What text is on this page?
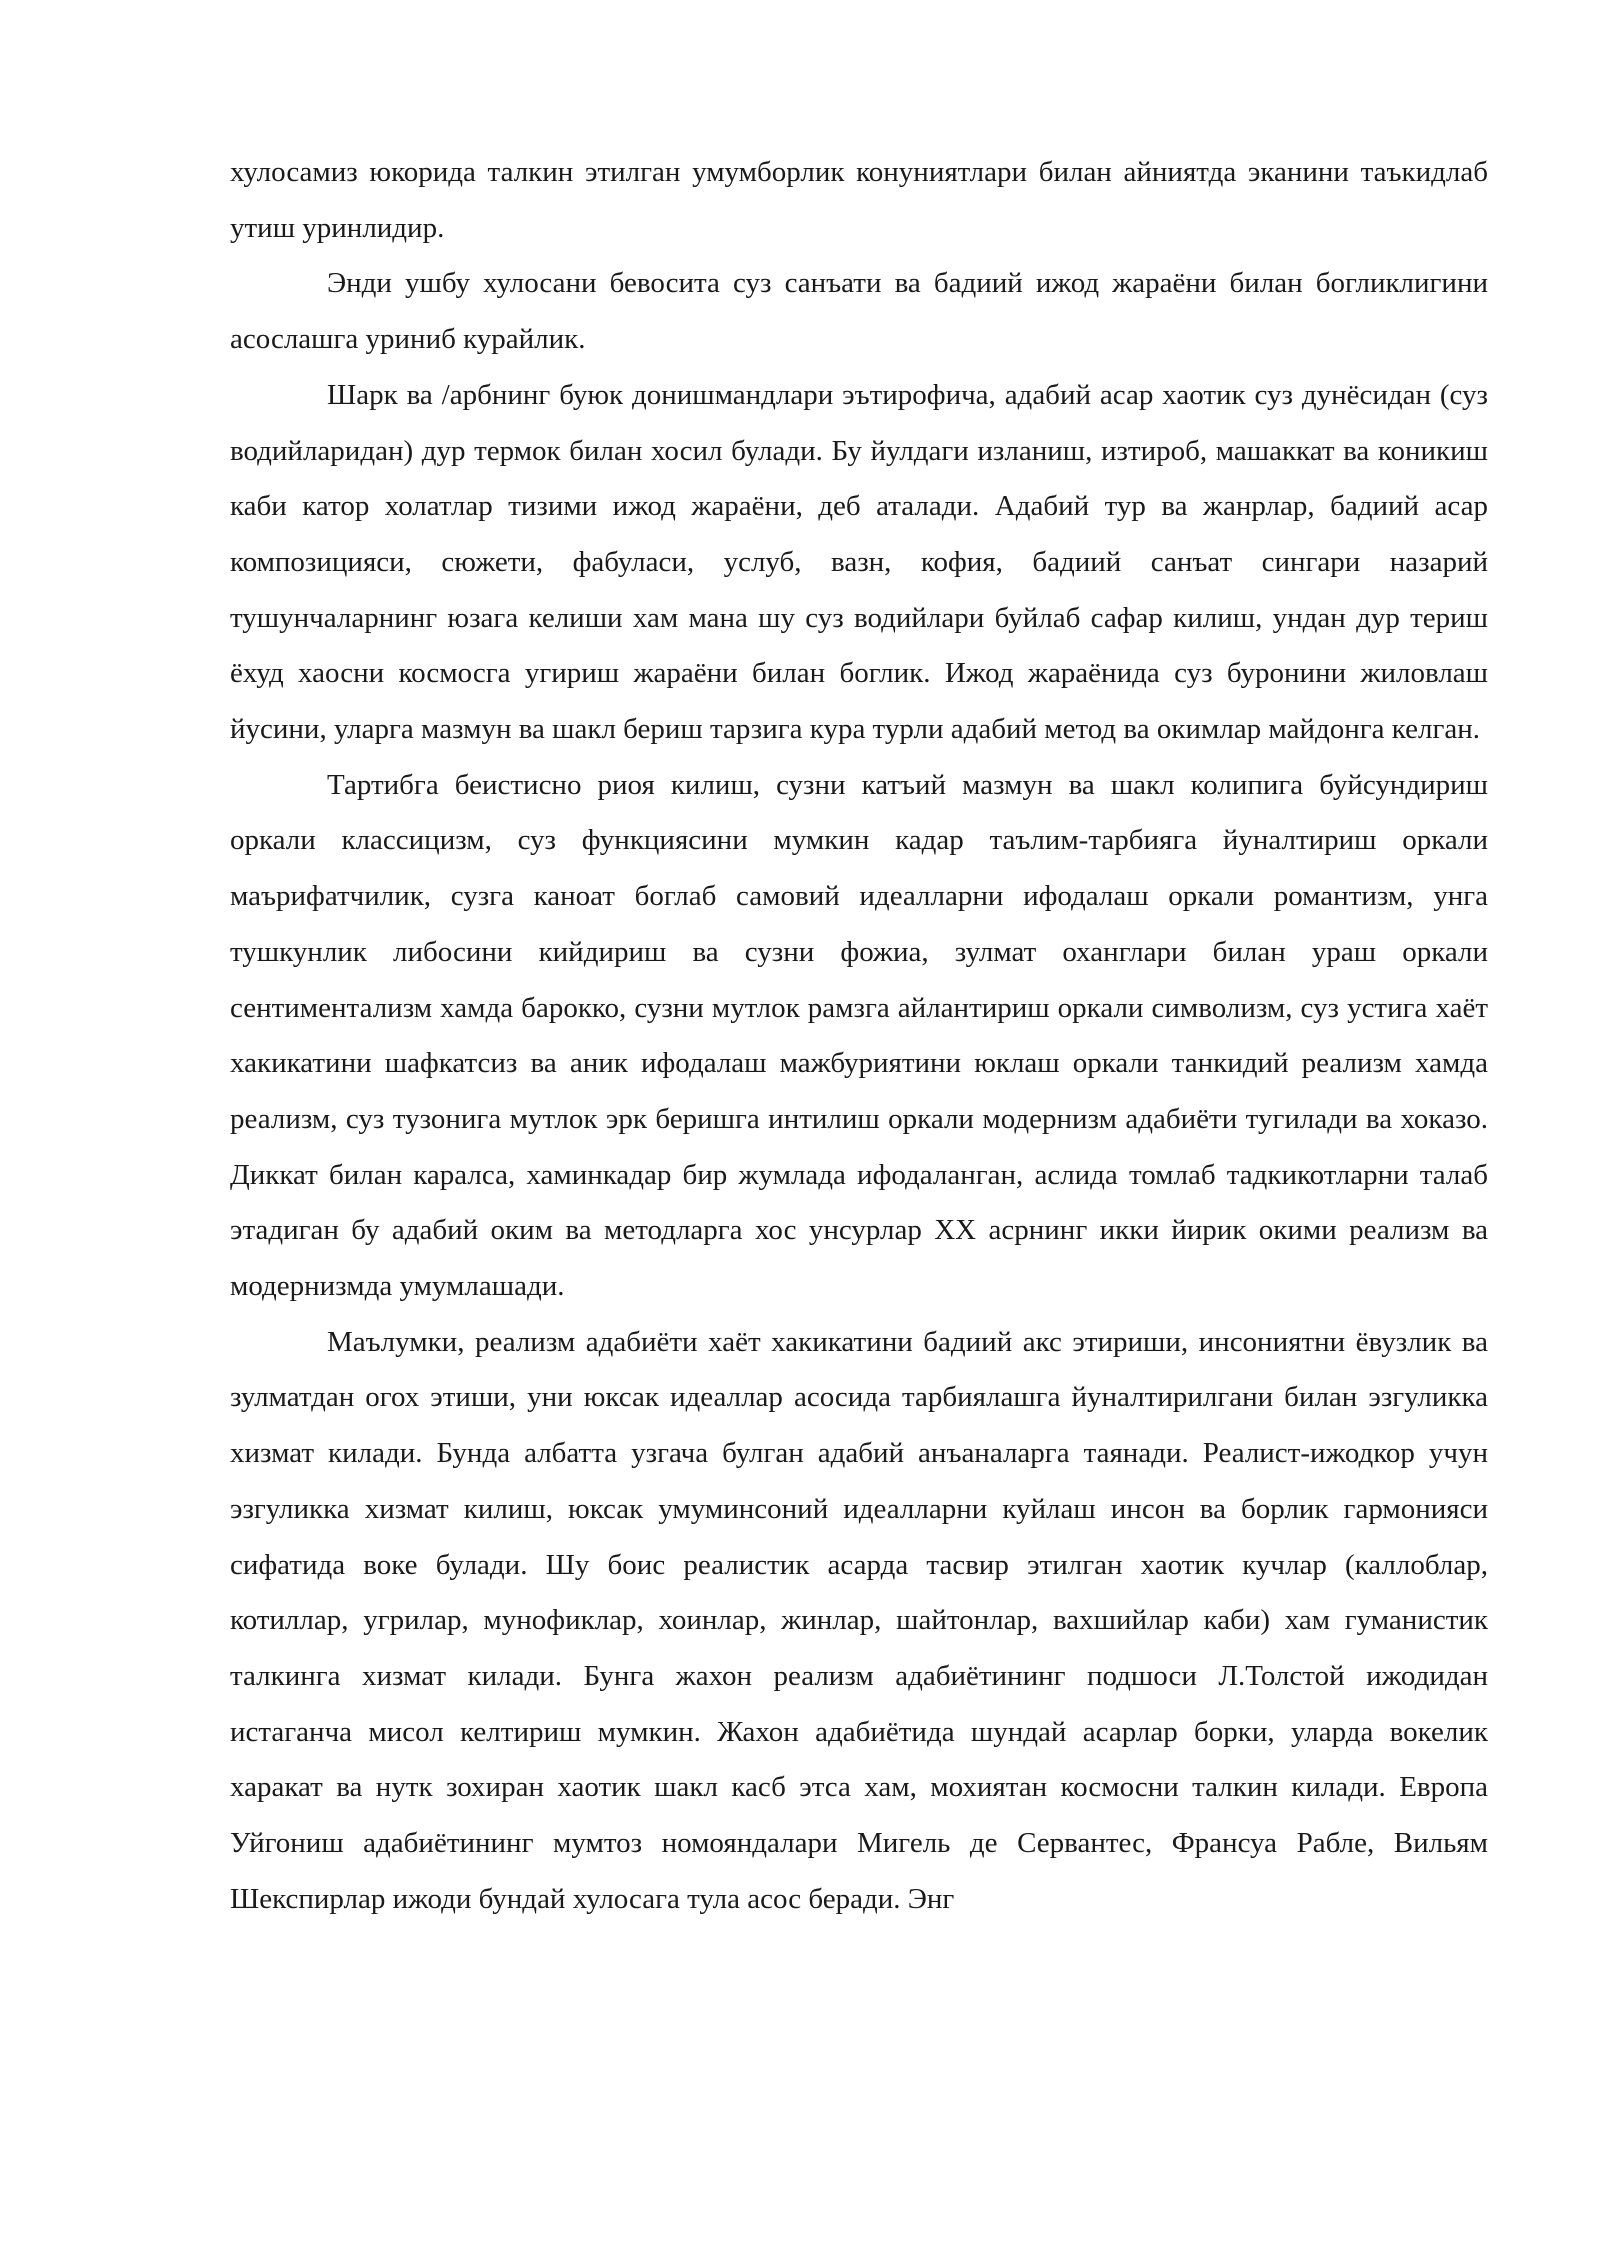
хулосамиз юкорида талкин этилган умумборлик конуниятлари билан айниятда эканини таъкидлаб утиш уринлидир.

Энди ушбу хулосани бевосита суз санъати ва бадиий ижод жараёни билан богликлигини асослашга уриниб курайлик.

Шарк ва /арбнинг буюк донишмандлари эътирофича, адабий асар хаотик суз дунёсидан (суз водийларидан) дур термок билан хосил булади. Бу йулдаги изланиш, изтироб, машаккат ва коникиш каби катор холатлар тизими ижод жараёни, деб аталади. Адабий тур ва жанрлар, бадиий асар композицияси, сюжети, фабуласи, услуб, вазн, кофия, бадиий санъат сингари назарий тушунчаларнинг юзага келиши хам мана шу суз водийлари буйлаб сафар килиш, ундан дур териш ёхуд хаосни космосга угириш жараёни билан боглик. Ижод жараёнида суз буронини жиловлаш йусини, уларга мазмун ва шакл бериш тарзига кура турли адабий метод ва окимлар майдонга келган.

Тартибга беистисно риоя килиш, сузни катъий мазмун ва шакл колипига буйсундириш оркали классицизм, суз функциясини мумкин кадар таълим-тарбияга йуналтириш оркали маърифатчилик, сузга каноат боглаб самовий идеалларни ифодалаш оркали романтизм, унга тушкунлик либосини кийдириш ва сузни фожиа, зулмат оханглари билан ураш оркали сентиментализм хамда барокко, сузни мутлок рамзга айлантириш оркали символизм, суз устига хаёт хакикатини шафкатсиз ва аник ифодалаш мажбуриятини юклаш оркали танкидий реализм хамда реализм, суз тузонига мутлок эрк беришга интилиш оркали модернизм адабиёти тугилади ва хоказо. Диккат билан каралса, хаминкадар бир жумлада ифодаланган, аслида томлаб тадкикотларни талаб этадиган бу адабий оким ва методларга хос унсурлар XX асрнинг икки йирик окими реализм ва модернизмда умумлашади.

Маълумки, реализм адабиёти хаёт хакикатини бадиий акс этириши, инсониятни ёвузлик ва зулматдан огох этиши, уни юксак идеаллар асосида тарбиялашга йуналтирилгани билан эзгуликка хизмат килади. Бунда албатта узгача булган адабий анъаналарга таянади. Реалист-ижодкор учун эзгуликка хизмат килиш, юксак умуминсоний идеалларни куйлаш инсон ва борлик гармонияси сифатида воке булади. Шу боис реалистик асарда тасвир этилган хаотик кучлар (каллоблар, котиллар, угрилар, мунофиклар, хоинлар, жинлар, шайтонлар, вахшийлар каби) хам гуманистик талкинга хизмат килади. Бунга жахон реализм адабиётининг подшоси Л.Толстой ижодидан истаганча мисол келтириш мумкин. Жахон адабиётида шундай асарлар борки, уларда вокелик харакат ва нутк зохиран хаотик шакл касб этса хам, мохиятан космосни талкин килади. Европа Уйгониш адабиётининг мумтоз номояндалари Мигель де Сервантес, Франсуа Рабле, Вильям Шекспирлар ижоди бундай хулосага тула асос беради. Энг
